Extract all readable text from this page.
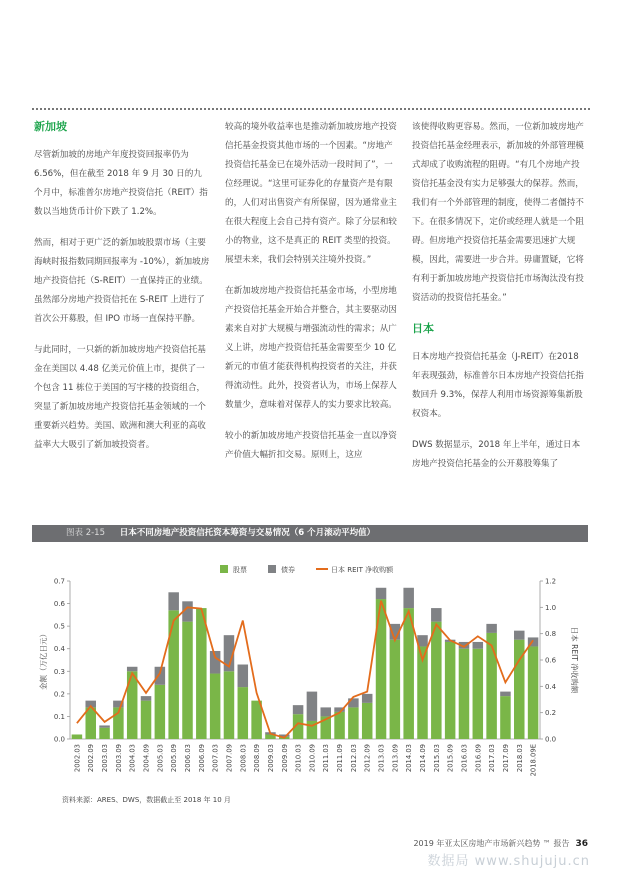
新加坡

尽管新加坡的房地产年度投资回报率仍为6.56%，但在截至 2018 年 9 月 30 日的九个月中，标准普尔房地产投资信托（REIT）指数以当地货币计价下跌了 1.2%。

然而，相对于更广泛的新加坡股票市场（主要海峡时报指数同期回报率为 -10%），新加坡房地产投资信托（S-REIT）一直保持正的业绩。虽然部分房地产投资信托在 S-REIT 上进行了首次公开募股，但 IPO 市场一直保持平静。

与此同时，一只新的新加坡房地产投资信托基金在美国以 4.48 亿美元价值上市，提供了一个包含 11 栋位于美国的写字楼的投资组合，突显了新加坡房地产投资信托基金领域的一个重要新兴趋势。美国、欧洲和澳大利亚的高收益率大大吸引了新加坡投资者。

较高的境外收益率也是推动新加坡房地产投资信托基金投资其他市场的一个因素。“房地产投资信托基金已在境外活动一段时间了”，一位经理说。“这里可证券化的存量资产是有限的，人们对出售资产有所保留，因为通常业主在很大程度上会自己持有资产。除了分层和较小的物业，这不是真正的 REIT 类型的投资。展望未来，我们会特别关注境外投资。”

在新加坡房地产投资信托基金市场，小型房地产投资信托基金开始合并整合，其主要驱动因素来自对扩大规模与增强流动性的需求；从广义上讲，房地产投资信托基金需要至少 10 亿新元的市值才能获得机构投资者的关注，并获得流动性。此外，投资者认为，市场上保荐人数量少，意味着对保荐人的实力要求比较高。

较小的新加坡房地产投资信托基金一直以净资产价值大幅折扣交易。原则上，这应

该使得收购更容易。然而，一位新加坡房地产投资信托基金经理表示，新加坡的外部管理模式却成了收购流程的阻碍。“有几个房地产投资信托基金没有实力足够强大的保荐。然而，我们有一个外部管理的制度，使得二者僵持不下。在很多情况下，定价或经理人就是一个阻碍。但房地产投资信托基金需要迅速扩大规模，因此，需要进一步合并。毋庸置疑，它将有利于新加坡房地产投资信托市场淘汰没有投资活动的投资信托基金。”

日本

日本房地产投资信托基金（J-REIT）在2018 年表现强劲，标准普尔日本房地产投资信托指数回升 9.3%，保荐人利用市场资源筹集新股权资本。

DWS 数据显示，2018 年上半年，通过日本房地产投资信托基金的公开募股筹集了

图表 2-15 日本不同房地产投资信托资本筹资与交易情况（6 个月滚动平均值）
0.0
0.1
0.2
0.3
0.4
0.5
0.6
0.7
0.0
0.2
0.4
0.6
0.8
1.0
1.2
金额（万亿日元）	日本 REIT 净收购额
2002.03 2002.09 2003.03 2003.09 2004.03 2004.09 2005.03 2005.09 2006.03 2006.09 2007.03 2007.09 2008.03 2008.09 2009.03 2009.09 2010.03 2010.09 2011.03 2011.09 2012.03 2012.09 2013.03 2013.09 2014.03 2014.09 2015.03 2015.09 2016.03 2016.09 2017.03 2017.09 2018.03 2018.09E
股票	债券	日本 REIT 净收购额
资料来源：ARES、DWS，数据截止至 2018 年 10 月
2019 年亚太区房地产市场新兴趋势 ™ 报告 36
数据局 www.shujuju.cn
